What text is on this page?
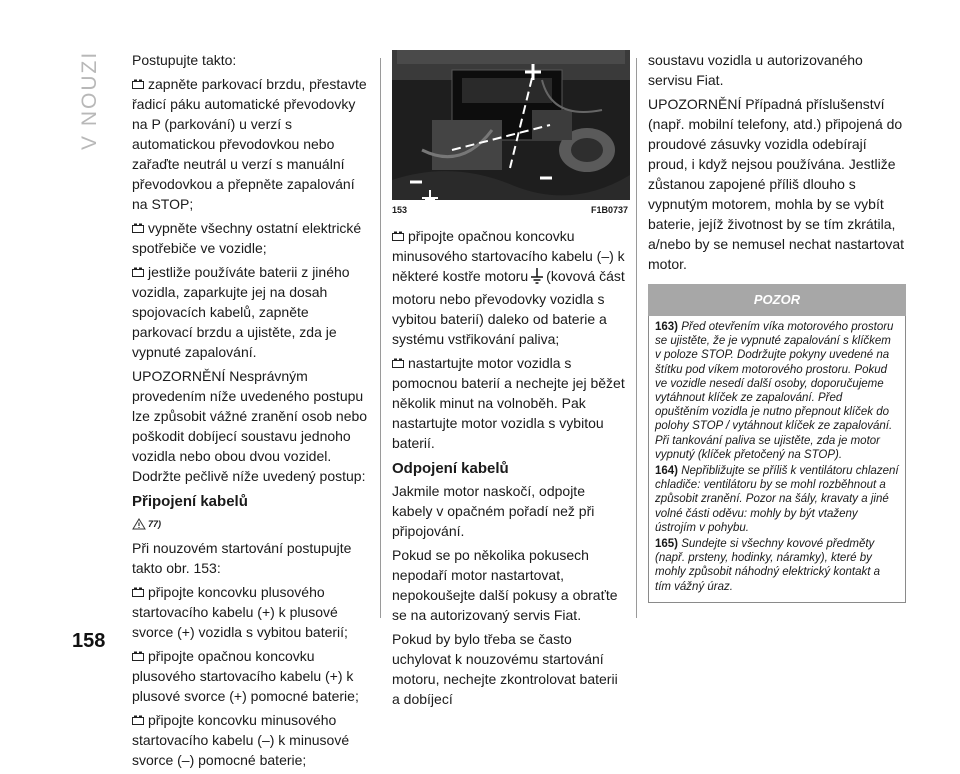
V NOUZI
158

Postupujte takto:

zapněte parkovací brzdu, přestavte řadicí páku automatické převodovky na P (parkování) u verzí s automatickou převodovkou nebo zařaďte neutrál u verzí s manuální převodovkou a přepněte zapalování na STOP;

vypněte všechny ostatní elektrické spotřebiče ve vozidle;

jestliže používáte baterii z jiného vozidla, zaparkujte jej na dosah spojovacích kabelů, zapněte parkovací brzdu a ujistěte, zda je vypnuté zapalování.

UPOZORNĚNÍ Nesprávným provedením níže uvedeného postupu lze způsobit vážné zranění osob nebo poškodit dobíjecí soustavu jednoho vozidla nebo obou dvou vozidel. Dodržte pečlivě níže uvedený postup:

Připojení kabelů
77)

Při nouzovém startování postupujte takto obr. 153:

připojte koncovku plusového startovacího kabelu (+) k plusové svorce (+) vozidla s vybitou baterií;

připojte opačnou koncovku plusového startovacího kabelu (+) k plusové svorce (+) pomocné baterie;

připojte koncovku minusového startovacího kabelu (–) k minusové svorce (–) pomocné baterie;

153	F1B0737

připojte opačnou koncovku minusového startovacího kabelu (–) k některé kostře motoru (kovová část motoru nebo převodovky vozidla s vybitou baterií) daleko od baterie a systému vstřikování paliva;

nastartujte motor vozidla s pomocnou baterií a nechejte jej běžet několik minut na volnoběh. Pak nastartujte motor vozidla s vybitou baterií.

Odpojení kabelů

Jakmile motor naskočí, odpojte kabely v opačném pořadí než při připojování.

Pokud se po několika pokusech nepodaří motor nastartovat, nepokoušejte další pokusy a obraťte se na autorizovaný servis Fiat.

Pokud by bylo třeba se často uchylovat k nouzovému startování motoru, nechejte zkontrolovat baterii a dobíjecí

soustavu vozidla u autorizovaného servisu Fiat.

UPOZORNĚNÍ Případná příslušenství (např. mobilní telefony, atd.) připojená do proudové zásuvky vozidla odebírají proud, i když nejsou používána. Jestliže zůstanou zapojené příliš dlouho s vypnutým motorem, mohla by se vybít baterie, jejíž životnost by se tím zkrátila, a/nebo by se nemusel nechat nastartovat motor.

POZOR

163) Před otevřením víka motorového prostoru se ujistěte, že je vypnuté zapalování s klíčkem v poloze STOP. Dodržujte pokyny uvedené na štítku pod víkem motorového prostoru. Pokud ve vozidle nesedí další osoby, doporučujeme vytáhnout klíček ze zapalování. Před opuštěním vozidla je nutno přepnout klíček do polohy STOP / vytáhnout klíček ze zapalování. Při tankování paliva se ujistěte, zda je motor vypnutý (klíček přetočený na STOP).

164) Nepřibližujte se příliš k ventilátoru chlazení chladiče: ventilátoru by se mohl rozběhnout a způsobit zranění. Pozor na šály, kravaty a jiné volné části oděvu: mohly by být vtaženy ústrojím v pohybu.

165) Sundejte si všechny kovové předměty (např. prsteny, hodinky, náramky), které by mohly způsobit náhodný elektrický kontakt a tím vážný úraz.
